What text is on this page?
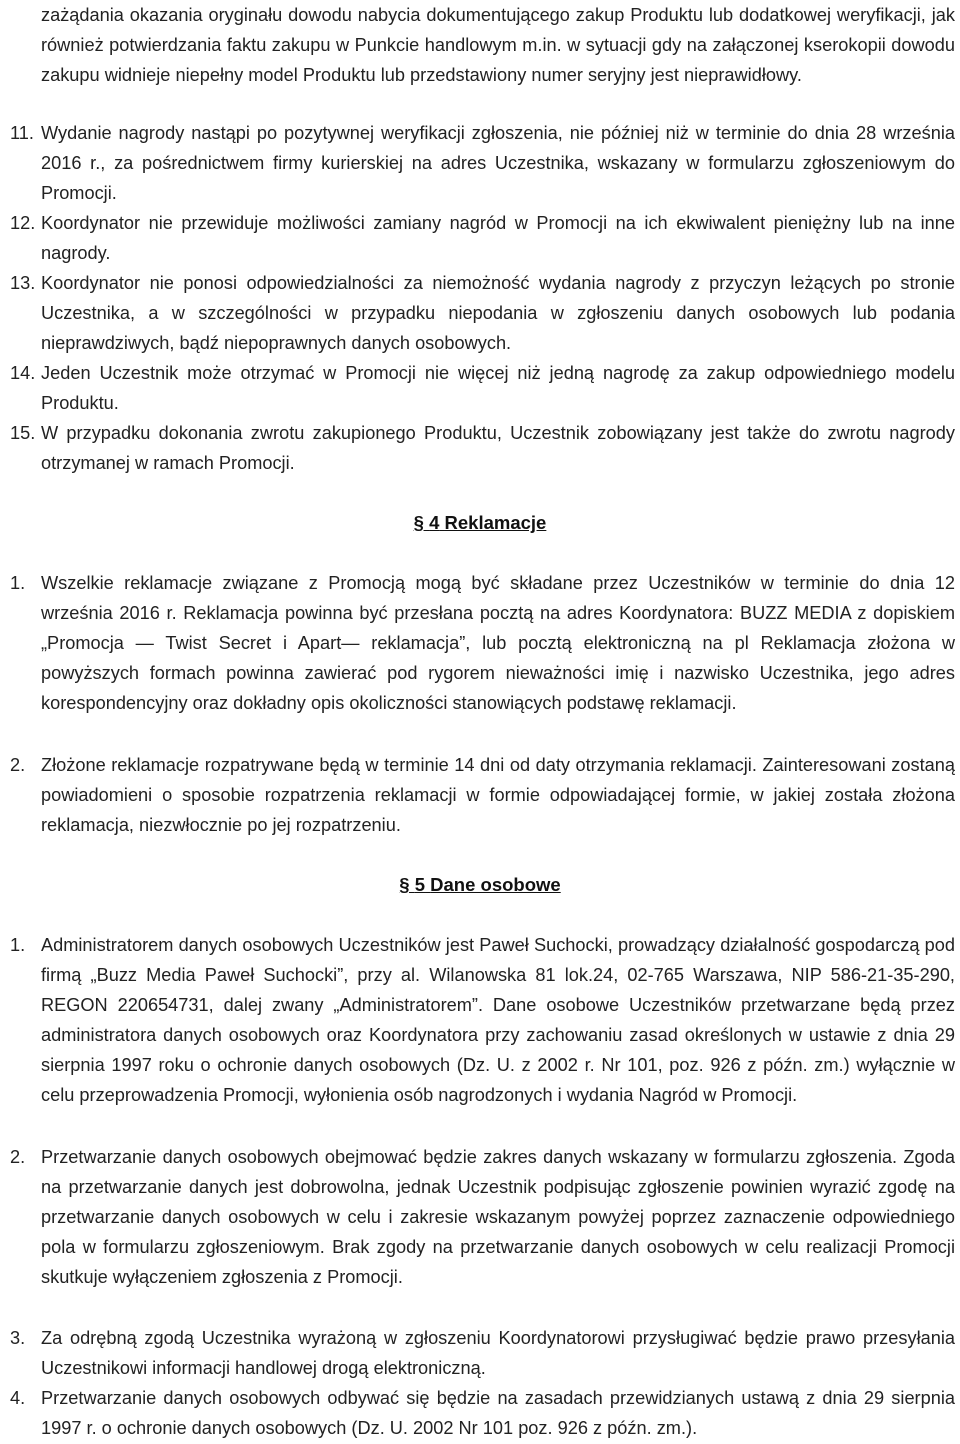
zażądania okazania oryginału dowodu nabycia dokumentującego zakup Produktu lub dodatkowej weryfikacji, jak również potwierdzania faktu zakupu w Punkcie handlowym m.in. w sytuacji gdy na załączonej kserokopii dowodu zakupu widnieje niepełny model Produktu lub przedstawiony numer seryjny jest nieprawidłowy.

11. Wydanie nagrody nastąpi po pozytywnej weryfikacji zgłoszenia, nie później niż w terminie do dnia 28 września 2016 r., za pośrednictwem firmy kurierskiej na adres Uczestnika, wskazany w formularzu zgłoszeniowym do Promocji.
12. Koordynator nie przewiduje możliwości zamiany nagród w Promocji na ich ekwiwalent pieniężny lub na inne nagrody.
13. Koordynator nie ponosi odpowiedzialności za niemożność wydania nagrody z przyczyn leżących po stronie Uczestnika, a w szczególności w przypadku niepodania w zgłoszeniu danych osobowych lub podania nieprawdziwych, bądź niepoprawnych danych osobowych.
14. Jeden Uczestnik może otrzymać w Promocji nie więcej niż jedną nagrodę za zakup odpowiedniego modelu Produktu.
15. W przypadku dokonania zwrotu zakupionego Produktu, Uczestnik zobowiązany jest także do zwrotu nagrody otrzymanej w ramach Promocji.
§ 4 Reklamacje
1. Wszelkie reklamacje związane z Promocją mogą być składane przez Uczestników w terminie do dnia 12 września 2016 r. Reklamacja powinna być przesłana pocztą na adres Koordynatora: BUZZ MEDIA z dopiskiem „Promocja — Twist Secret i Apart— reklamacja”, lub pocztą elektroniczną na pl Reklamacja złożona w powyższych formach powinna zawierać pod rygorem nieważności imię i nazwisko Uczestnika, jego adres korespondencyjny oraz dokładny opis okoliczności stanowiących podstawę reklamacji.
2. Złożone reklamacje rozpatrywane będą w terminie 14 dni od daty otrzymania reklamacji. Zainteresowani zostaną powiadomieni o sposobie rozpatrzenia reklamacji w formie odpowiadającej formie, w jakiej została złożona reklamacja, niezwłocznie po jej rozpatrzeniu.
§ 5 Dane osobowe
1. Administratorem danych osobowych Uczestników jest Paweł Suchocki, prowadzący działalność gospodarczą pod firmą „Buzz Media Paweł Suchocki”, przy al. Wilanowska 81 lok.24, 02-765 Warszawa, NIP 586-21-35-290, REGON 220654731, dalej zwany „Administratorem”. Dane osobowe Uczestników przetwarzane będą przez administratora danych osobowych oraz Koordynatora przy zachowaniu zasad określonych w ustawie z dnia 29 sierpnia 1997 roku o ochronie danych osobowych (Dz. U. z 2002 r. Nr 101, poz. 926 z późn. zm.) wyłącznie w celu przeprowadzenia Promocji, wyłonienia osób nagrodzonych i wydania Nagród w Promocji.
2. Przetwarzanie danych osobowych obejmować będzie zakres danych wskazany w formularzu zgłoszenia. Zgoda na przetwarzanie danych jest dobrowolna, jednak Uczestnik podpisując zgłoszenie powinien wyrazić zgodę na przetwarzanie danych osobowych w celu i zakresie wskazanym powyżej poprzez zaznaczenie odpowiedniego pola w formularzu zgłoszeniowym. Brak zgody na przetwarzanie danych osobowych w celu realizacji Promocji skutkuje wyłączeniem zgłoszenia z Promocji.
3. Za odrębną zgodą Uczestnika wyrażoną w zgłoszeniu Koordynatorowi przysługiwać będzie prawo przesyłania Uczestnikowi informacji handlowej drogą elektroniczną.
4. Przetwarzanie danych osobowych odbywać się będzie na zasadach przewidzianych ustawą z dnia 29 sierpnia 1997 r. o ochronie danych osobowych (Dz. U. 2002 Nr 101 poz. 926 z późn. zm.).
